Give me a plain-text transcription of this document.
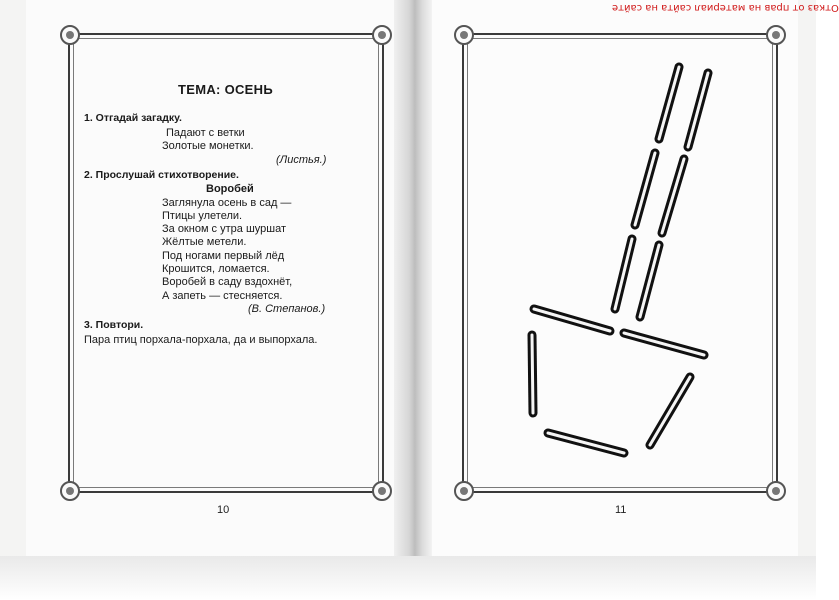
ТЕМА: ОСЕНЬ
1. Отгадай загадку.
Падают с ветки
Золотые монетки.
(Листья.)
2. Прослушай стихотворение.
Воробей
Заглянула осень в сад —
Птицы улетели.
За окном с утра шуршат
Жёлтые метели.
Под ногами первый лёд
Крошится, ломается.
Воробей в саду вздохнёт,
А запеть — стесняется.
(В. Степанов.)
3. Повтори.
Пара птиц порхала-порхала, да и выпорхала.
10	11
Отказ от прав на материал сайта на сайте
